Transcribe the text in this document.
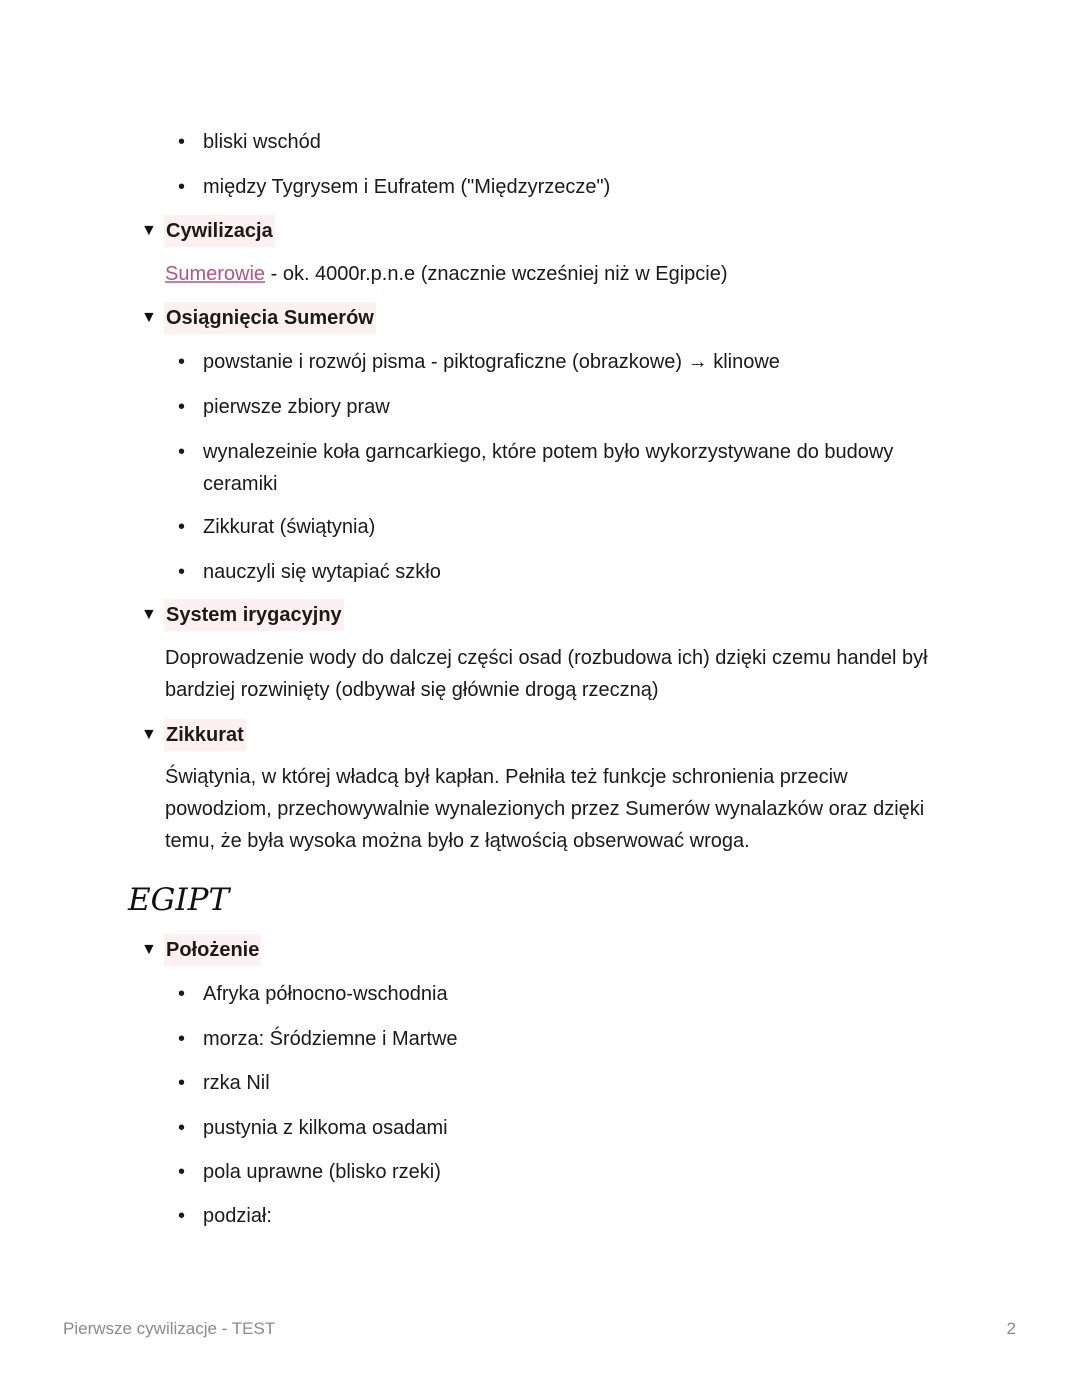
• bliski wschód
• między Tygrysem i Eufratem ("Międzyrzecze")
▼ Cywilizacja
Sumerowie - ok. 4000r.p.n.e (znacznie wcześniej niż w Egipcie)
▼ Osiągnięcia Sumerów
• powstanie i rozwój pisma - piktograficzne (obrazkowe) → klinowe
• pierwsze zbiory praw
• wynalezeinie koła garncarkiego, które potem było wykorzystywane do budowy ceramiki
• Zikkurat (świątynia)
• nauczyli się wytapiać szkło
▼ System irygacyjny
Doprowadzenie wody do dalczej części osad (rozbudowa ich) dzięki czemu handel był bardziej rozwinięty (odbywał się głównie drogą rzeczną)
▼ Zikkurat
Świątynia, w której władcą był kapłan. Pełniła też funkcje schronienia przeciw powodziom, przechowywalnie wynalezionych przez Sumerów wynalazków oraz dzięki temu, że była wysoka można było z łątwością obserwować wroga.
EGIPT
▼ Położenie
• Afryka północno-wschodnia
• morza: Śródziemne i Martwe
• rzka Nil
• pustynia z kilkoma osadami
• pola uprawne (blisko rzeki)
• podział:
Pierwsze cywilizacje - TEST	2
